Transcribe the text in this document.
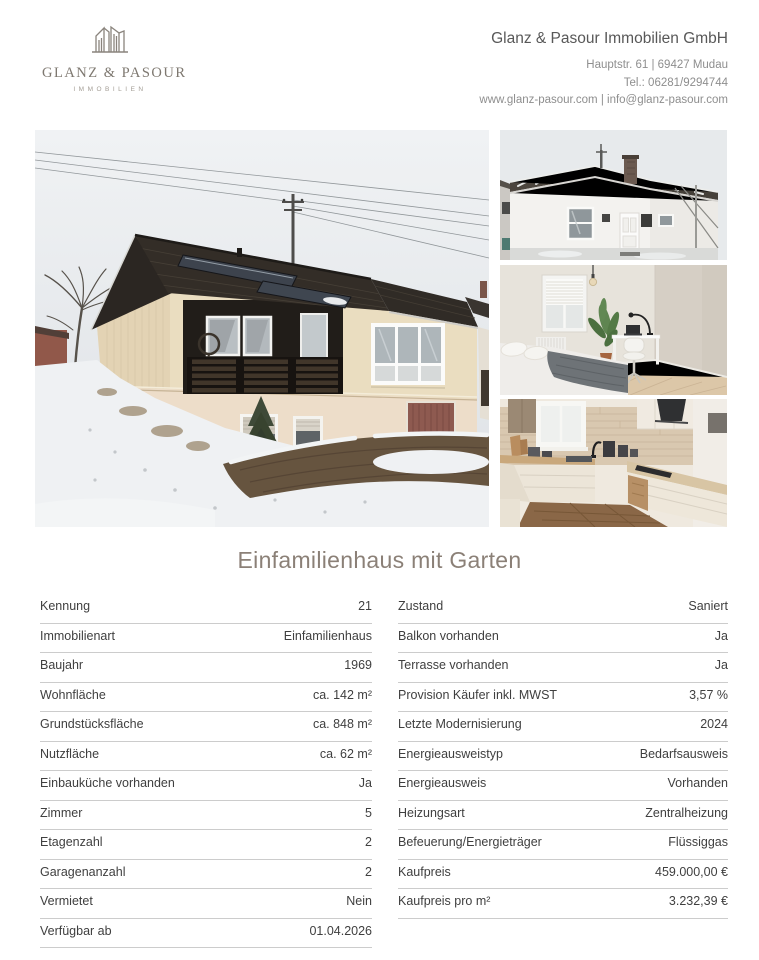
GLANZ & PASOUR
IMMOBILIEN
Glanz & Pasour Immobilien GmbH
Hauptstr. 61 | 69427 Mudau
Tel.: 06281/9294744
www.glanz-pasour.com | info@glanz-pasour.com
Einfamilienhaus mit Garten
Kennung	21
Immobilienart	Einfamilienhaus
Baujahr	1969
Wohnfläche	ca. 142 m²
Grundstücksfläche	ca. 848 m²
Nutzfläche	ca. 62 m²
Einbauküche vorhanden	Ja
Zimmer	5
Etagenzahl	2
Garagenanzahl	2
Vermietet	Nein
Verfügbar ab	01.04.2026
Zustand	Saniert
Balkon vorhanden	Ja
Terrasse vorhanden	Ja
Provision Käufer inkl. MWST	3,57 %
Letzte Modernisierung	2024
Energieausweistyp	Bedarfsausweis
Energieausweis	Vorhanden
Heizungsart	Zentralheizung
Befeuerung/Energieträger	Flüssiggas
Kaufpreis	459.000,00 €
Kaufpreis pro m²	3.232,39 €
